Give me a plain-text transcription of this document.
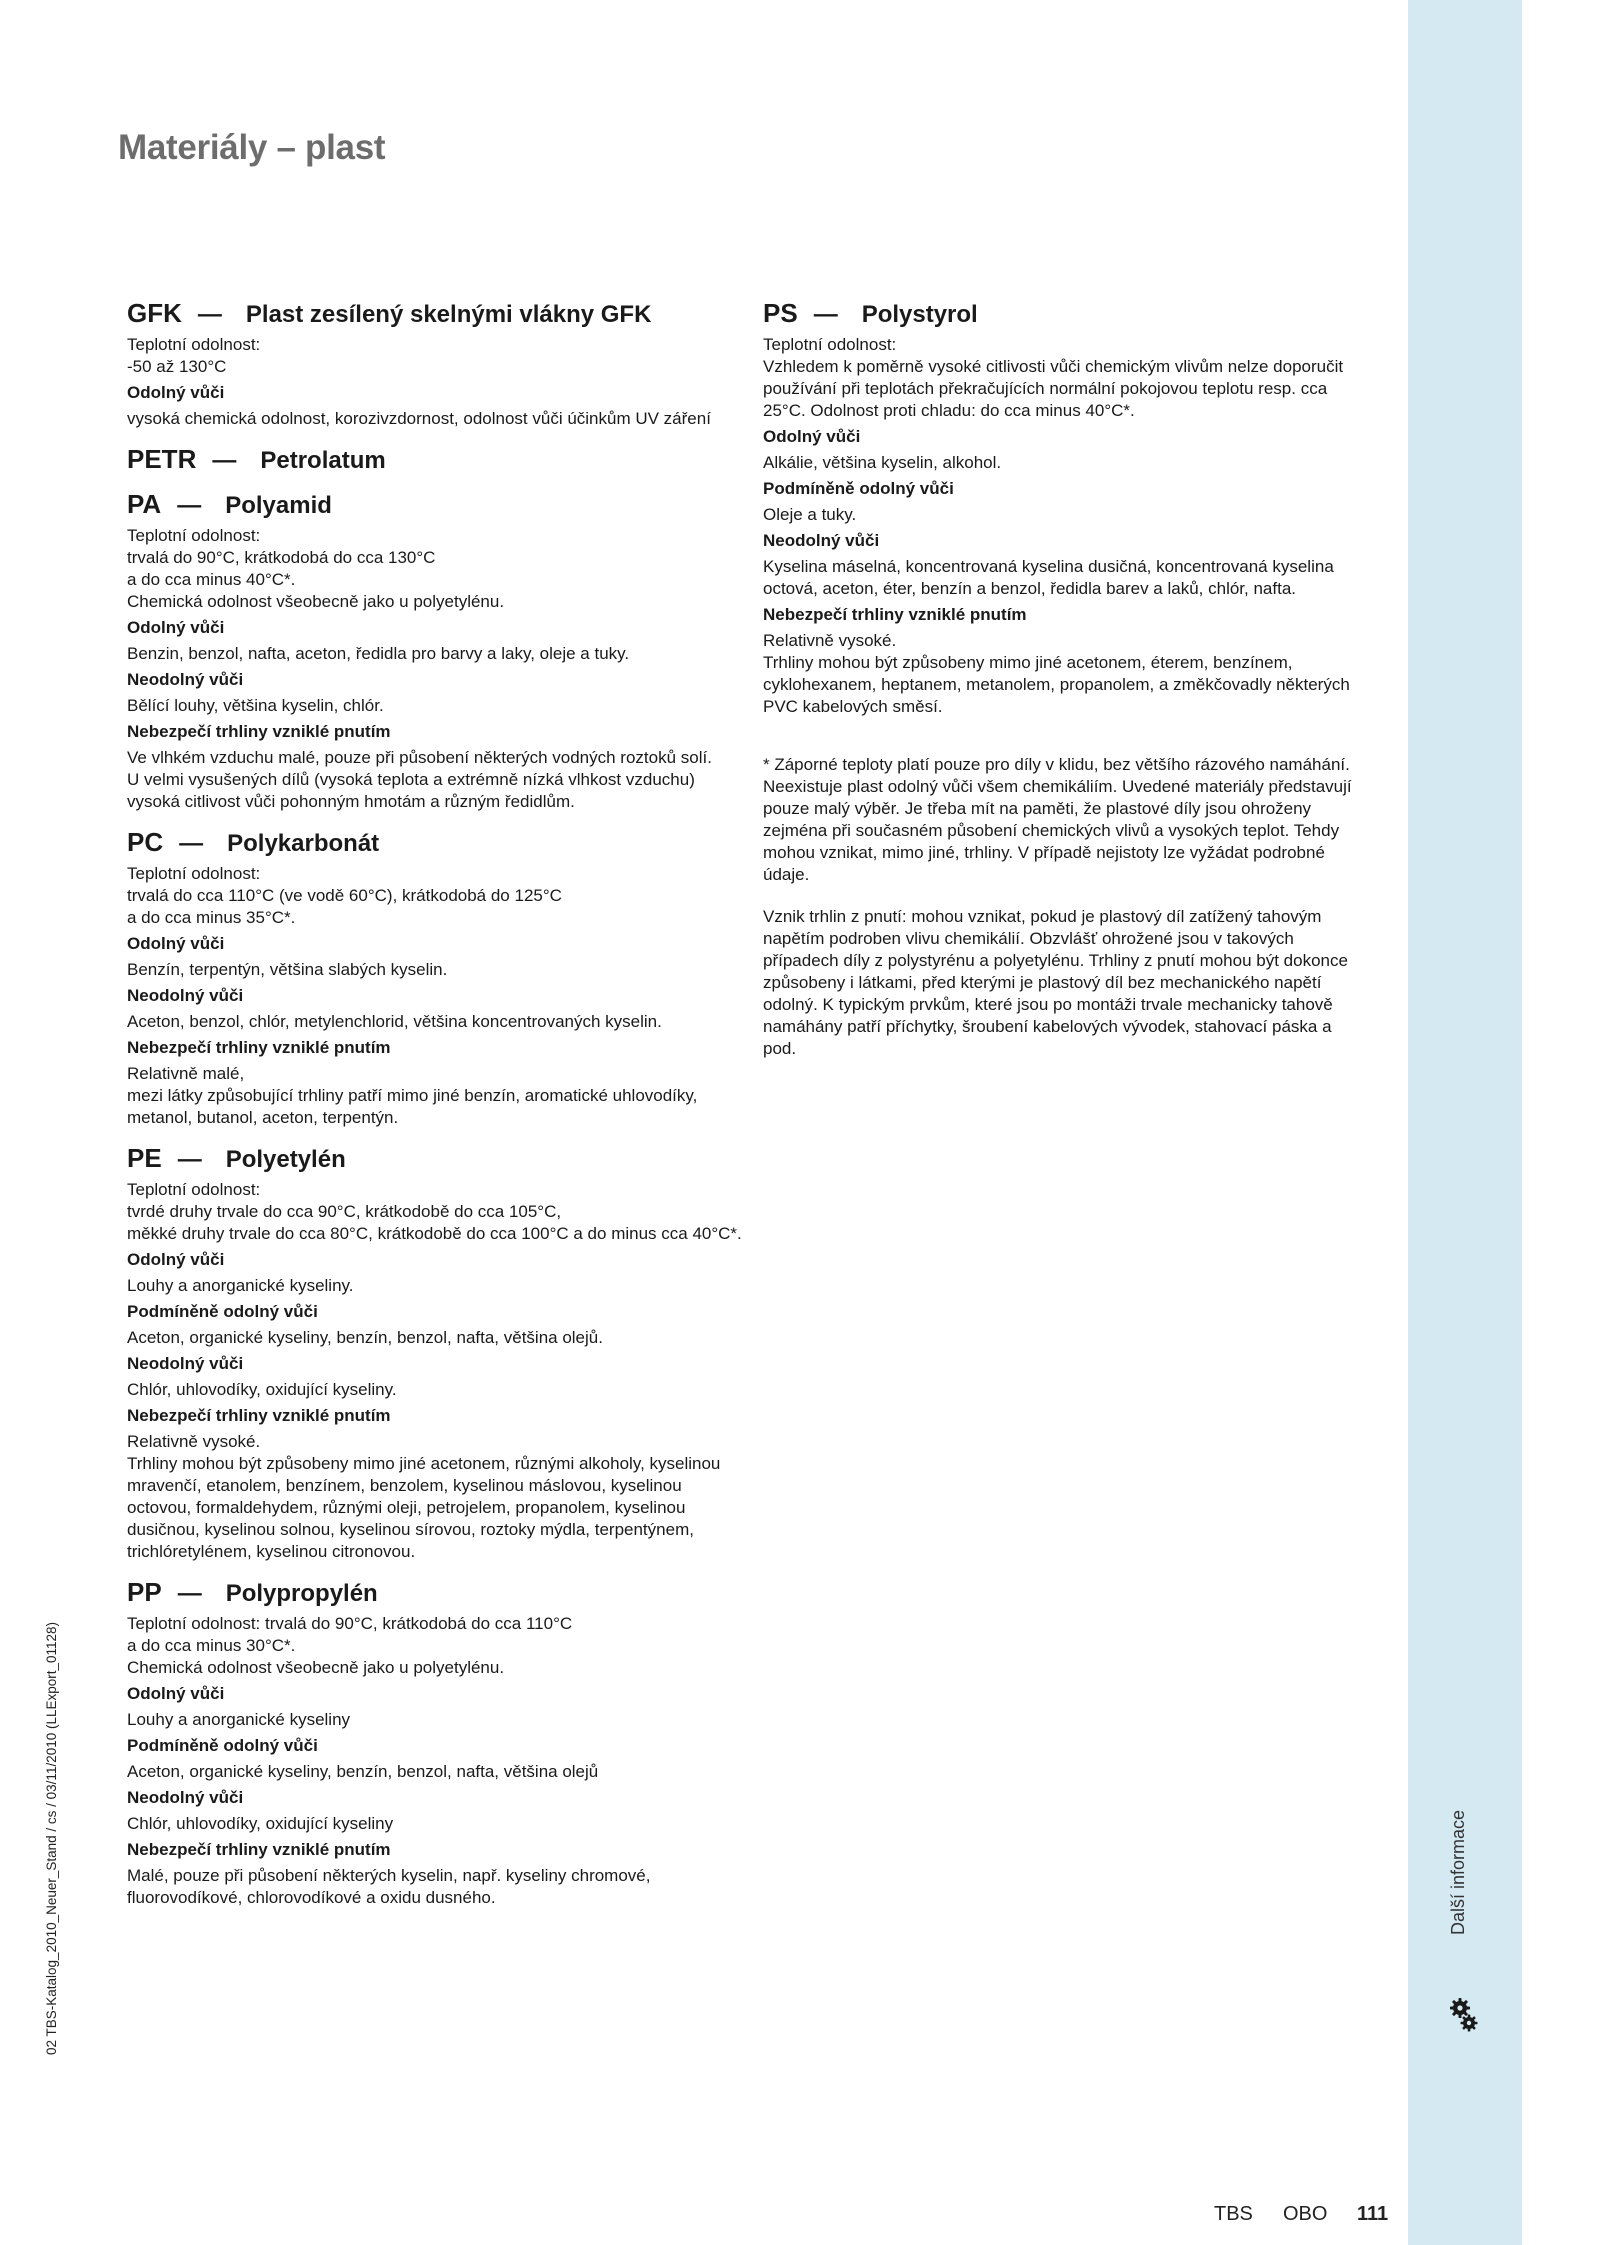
Další informace
Materiály – plast
GFK — Plast zesílený skelnými vlákny GFK
Teplotní odolnost:
-50 až 130°C
Odolný vůči
vysoká chemická odolnost, korozivzdornost, odolnost vůči účinkům UV záření
PETR — Petrolatum
PA — Polyamid
Teplotní odolnost:
trvalá do 90°C, krátkodobá do cca 130°C
a do cca minus 40°C*.
Chemická odolnost všeobecně jako u polyetylénu.
Odolný vůči
Benzin, benzol, nafta, aceton, ředidla pro barvy a laky, oleje a tuky.
Neodolný vůči
Bělící louhy, většina kyselin, chlór.
Nebezpečí trhliny vzniklé pnutím
Ve vlhkém vzduchu malé, pouze při působení některých vodných roztoků solí.
U velmi vysušených dílů (vysoká teplota a extrémně nízká vlhkost vzduchu) vysoká citlivost vůči pohonným hmotám a různým ředidlům.
PC — Polykarbonát
Teplotní odolnost:
trvalá do cca 110°C (ve vodě 60°C), krátkodobá do 125°C
a do cca minus 35°C*.
Odolný vůči
Benzín, terpentýn, většina slabých kyselin.
Neodolný vůči
Aceton, benzol, chlór, metylenchlorid, většina koncentrovaných kyselin.
Nebezpečí trhliny vzniklé pnutím
Relativně malé,
mezi látky způsobující trhliny patří mimo jiné benzín, aromatické uhlovodíky, metanol, butanol, aceton, terpentýn.
PE — Polyetylén
Teplotní odolnost:
tvrdé druhy trvale do cca 90°C, krátkodobě do cca 105°C,
měkké druhy trvale do cca 80°C, krátkodobě do cca 100°C a do minus cca 40°C*.
Odolný vůči
Louhy a anorganické kyseliny.
Podmíněně odolný vůči
Aceton, organické kyseliny, benzín, benzol, nafta, většina olejů.
Neodolný vůči
Chlór, uhlovodíky, oxidující kyseliny.
Nebezpečí trhliny vzniklé pnutím
Relativně vysoké.
Trhliny mohou být způsobeny mimo jiné acetonem, různými alkoholy, kyselinou mravenčí, etanolem, benzínem, benzolem, kyselinou máslovou, kyselinou octovou, formaldehydem, různými oleji, petrojelem, propanolem, kyselinou dusičnou, kyselinou solnou, kyselinou sírovou, roztoky mýdla, terpentýnem, trichlóretylénem, kyselinou citronovou.
PP — Polypropylén
Teplotní odolnost: trvalá do 90°C, krátkodobá do cca 110°C
a do cca minus 30°C*.
Chemická odolnost všeobecně jako u polyetylénu.
Odolný vůči
Louhy a anorganické kyseliny
Podmíněně odolný vůči
Aceton, organické kyseliny, benzín, benzol, nafta, většina olejů
Neodolný vůči
Chlór, uhlovodíky, oxidující kyseliny
Nebezpečí trhliny vzniklé pnutím
Malé, pouze při působení některých kyselin, např. kyseliny chromové, fluorovodíkové, chlorovodíkové a oxidu dusného.
PS — Polystyrol
Teplotní odolnost:
Vzhledem k poměrně vysoké citlivosti vůči chemickým vlivům nelze doporučit používání při teplotách překračujících normální pokojovou teplotu resp. cca 25°C. Odolnost proti chladu: do cca minus 40°C*.
Odolný vůči
Alkálie, většina kyselin, alkohol.
Podmíněně odolný vůči
Oleje a tuky.
Neodolný vůči
Kyselina máselná, koncentrovaná kyselina dusičná, koncentrovaná kyselina octová, aceton, éter, benzín a benzol, ředidla barev a laků, chlór, nafta.
Nebezpečí trhliny vzniklé pnutím
Relativně vysoké.
Trhliny mohou být způsobeny mimo jiné acetonem, éterem, benzínem, cyklohexanem, heptanem, metanolem, propanolem, a změkčovadly některých PVC kabelových směsí.
* Záporné teploty platí pouze pro díly v klidu, bez většího rázového namáhání. Neexistuje plast odolný vůči všem chemikáliím. Uvedené materiály představují pouze malý výběr. Je třeba mít na paměti, že plastové díly jsou ohroženy zejména při současném působení chemických vlivů a vysokých teplot. Tehdy mohou vznikat, mimo jiné, trhliny. V případě nejistoty lze vyžádat podrobné údaje.
Vznik trhlin z pnutí: mohou vznikat, pokud je plastový díl zatížený tahovým napětím podroben vlivu chemikálií. Obzvlášť ohrožené jsou v takových případech díly z polystyrénu a polyetylénu. Trhliny z pnutí mohou být dokonce způsobeny i látkami, před kterými je plastový díl bez mechanického napětí odolný. K typickým prvkům, které jsou po montáži trvale mechanicky tahově namáhány patří příchytky, šroubení kabelových vývodek, stahovací páska a pod.
02 TBS-Katalog_2010_Neuer_Stand / cs / 03/11/2010 (LLExport_01128)
TBS OBO 111
